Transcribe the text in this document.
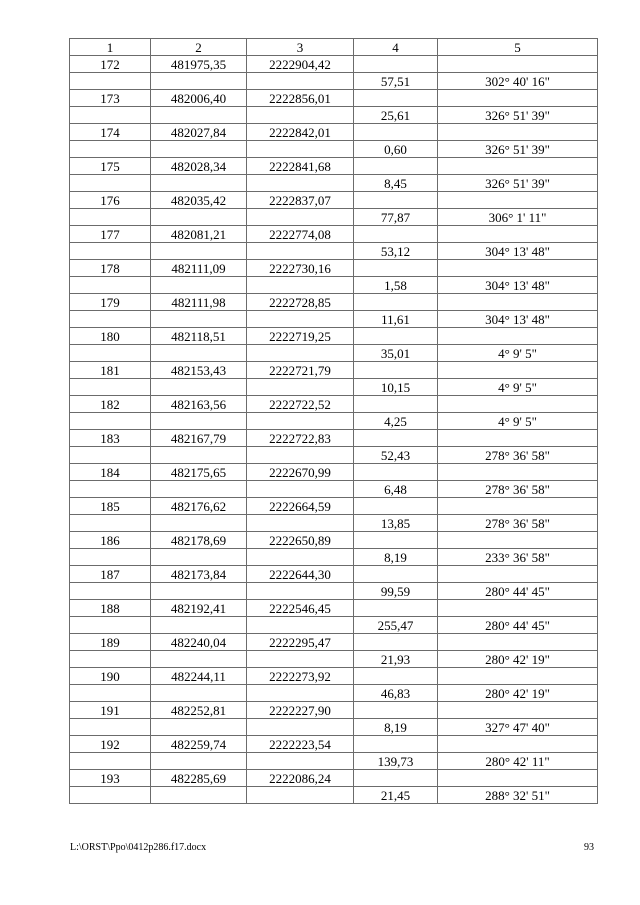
1	2	3	4	5
172	481975,35	2222904,42		
			57,51	302° 40' 16"
173	482006,40	2222856,01		
			25,61	326° 51' 39"
174	482027,84	2222842,01		
			0,60	326° 51' 39"
175	482028,34	2222841,68		
			8,45	326° 51' 39"
176	482035,42	2222837,07		
			77,87	306° 1' 11"
177	482081,21	2222774,08		
			53,12	304° 13' 48"
178	482111,09	2222730,16		
			1,58	304° 13' 48"
179	482111,98	2222728,85		
			11,61	304° 13' 48"
180	482118,51	2222719,25		
			35,01	4° 9' 5"
181	482153,43	2222721,79		
			10,15	4° 9' 5"
182	482163,56	2222722,52		
			4,25	4° 9' 5"
183	482167,79	2222722,83		
			52,43	278° 36' 58"
184	482175,65	2222670,99		
			6,48	278° 36' 58"
185	482176,62	2222664,59		
			13,85	278° 36' 58"
186	482178,69	2222650,89		
			8,19	233° 36' 58"
187	482173,84	2222644,30		
			99,59	280° 44' 45"
188	482192,41	2222546,45		
			255,47	280° 44' 45"
189	482240,04	2222295,47		
			21,93	280° 42' 19"
190	482244,11	2222273,92		
			46,83	280° 42' 19"
191	482252,81	2222227,90		
			8,19	327° 47' 40"
192	482259,74	2222223,54		
			139,73	280° 42' 11"
193	482285,69	2222086,24		
			21,45	288° 32' 51"
L:\ORST\Ppo\0412p286.f17.docx	93
